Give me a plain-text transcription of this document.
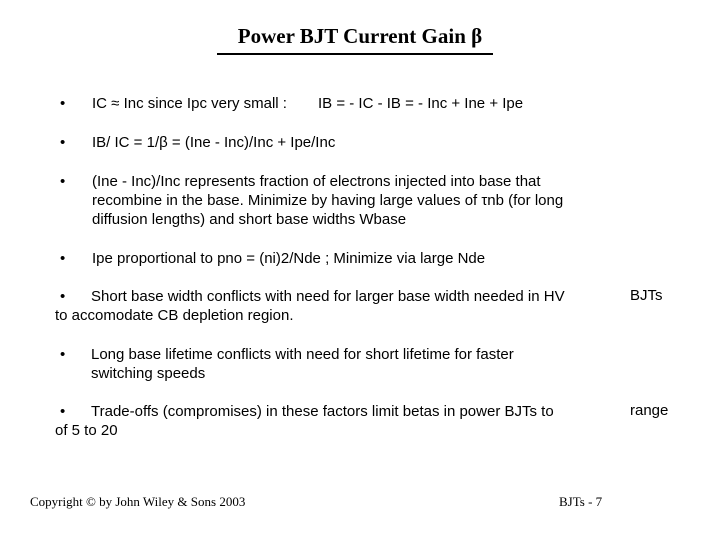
Power BJT Current Gain β
• IC ≈ Inc since Ipc very small : IB = - IC - IB = - Inc + Ine + Ipe
• IB/ IC = 1/β = (Ine - Inc)/Inc + Ipe/Inc
• (Ine - Inc)/Inc represents fraction of electrons injected into base that
recombine in the base. Minimize by having large values of τnb (for long
diffusion lengths) and short base widths Wbase
• Ipe proportional to pno = (ni)2/Nde ; Minimize via large Nde
• Short base width conflicts with need for larger base width needed in HV
to accomodate CB depletion region.
BJTs
• Long base lifetime conflicts with need for short lifetime for faster
switching speeds
• Trade-offs (compromises) in these factors limit betas in power BJTs to
of 5 to 20
range
Copyright © by John Wiley & Sons 2003	BJTs - 7
